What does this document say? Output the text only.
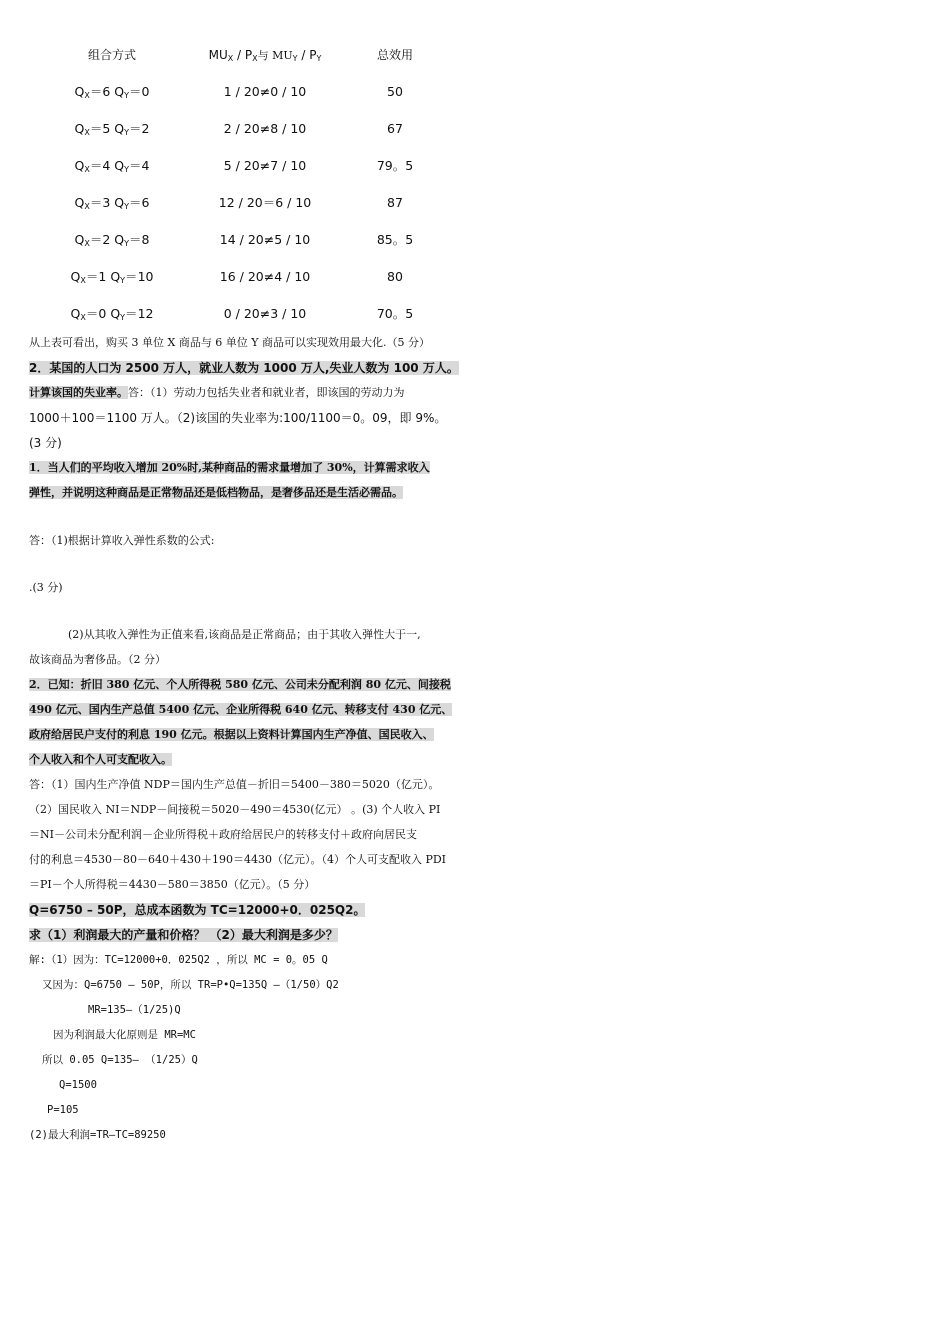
组合方式	$MU_X / P_X$与 $MU_Y / P_Y$	总效用
$Q_X=6$ $Q_Y=0$	1 / 20≠0 / 10	50
$Q_X=5$ $Q_Y=2$	2 / 20≠8 / 10	67
$Q_X=4$ $Q_Y=4$	5 / 20≠7 / 10	79。5
$Q_X=3$ $Q_Y=6$	12 / 20＝6 / 10	87
$Q_X=2$ $Q_Y=8$	14 / 20≠5 / 10	85。5
$Q_X=1$ $Q_Y=10$	16 / 20≠4 / 10	80
$Q_X=0$ $Q_Y=12$	0 / 20≠3 / 10	70。5
从上表可看出，购买 3 单位 X 商品与 6 单位 Y 商品可以实现效用最大化.（5 分）
2．某国的人口为 2500 万人，就业人数为 1000 万人,失业人数为 100 万人。
计算该国的失业率。答：（1）劳动力包括失业者和就业者，即该国的劳动力为
1000＋100＝1100 万人。（2)该国的失业率为:100/1100＝0。09，即 9%。
(3 分)
1．当人们的平均收入增加 20%时,某种商品的需求量增加了 30%，计算需求收入
弹性，并说明这种商品是正常物品还是低档物品，是奢侈品还是生活必需品。
答：（1)根据计算收入弹性系数的公式:
.(3 分)
(2)从其收入弹性为正值来看,该商品是正常商品；由于其收入弹性大于一,
故该商品为奢侈品。（2 分）
2．已知：折旧 380 亿元、个人所得税 580 亿元、公司未分配利润 80 亿元、间接税
490 亿元、国内生产总值 5400 亿元、企业所得税 640 亿元、转移支付 430 亿元、
政府给居民户支付的利息 190 亿元。根据以上资料计算国内生产净值、国民收入、
个人收入和个人可支配收入。
答：（1）国内生产净值 NDP＝国内生产总值－折旧＝5400－380＝5020（亿元）。
（2）国民收入 NI＝NDP－间接税＝5020－490＝4530(亿元） 。(3) 个人收入 PI
＝NI－公司未分配利润－企业所得税＋政府给居民户的转移支付＋政府向居民支
付的利息＝4530－80－640＋430＋190＝4430（亿元）。（4）个人可支配收入 PDI
＝PI－个人所得税＝4430－580＝3850（亿元）。（5 分）
Q=6750 – 50P，总成本函数为 TC=12000+0．025Q2。
求（1）利润最大的产量和价格？ （2）最大利润是多少？
解:（1）因为：TC=12000+0．025Q2 ，所以 MC = 0。05 Q
又因为：Q=6750 – 50P，所以 TR=P•Q=135Q —（1/50）Q2
MR=135—（1/25)Q
因为利润最大化原则是 MR=MC
所以 0.05 Q=135— （1/25）Q
Q=1500
P=105
(2)最大利润=TR—TC=89250
